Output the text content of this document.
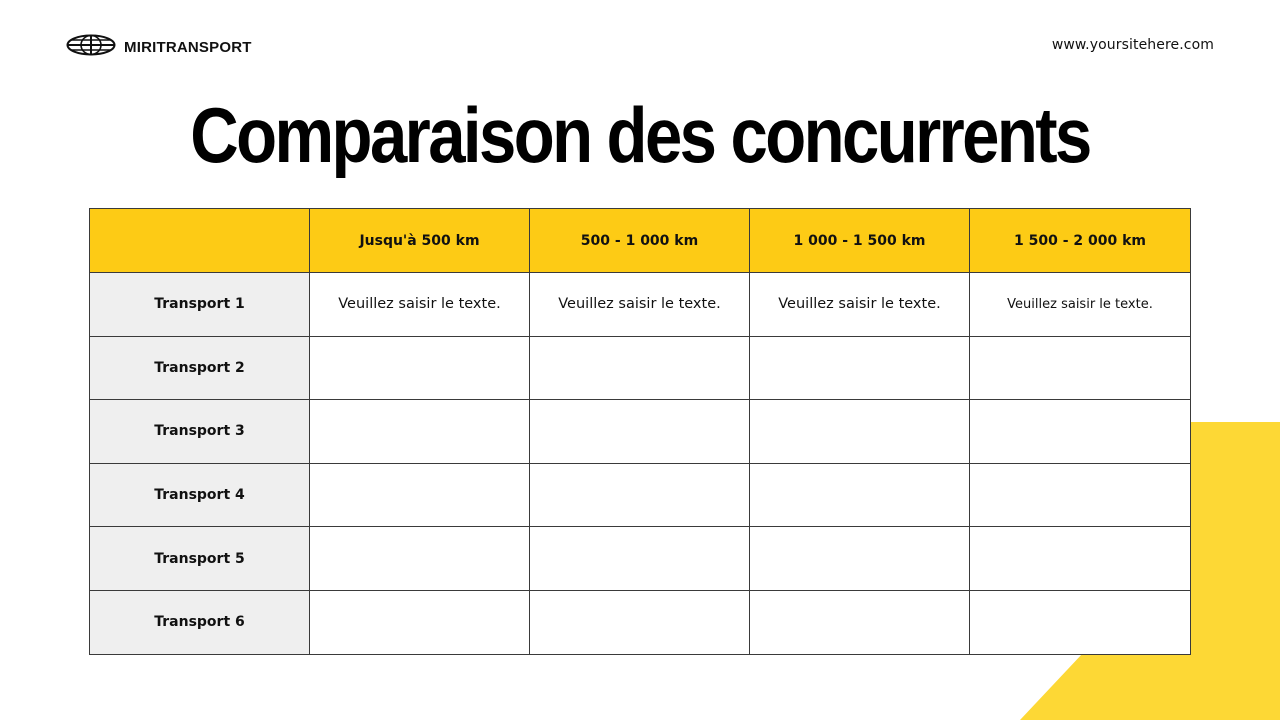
MIRITRANSPORT	www.yoursitehere.com
Comparaison des concurrents
	Jusqu'à 500 km	500 - 1 000 km	1 000 - 1 500 km	1 500 - 2 000 km
Transport 1	Veuillez saisir le texte.	Veuillez saisir le texte.	Veuillez saisir le texte.	Veuillez saisir le texte.
Transport 2				
Transport 3				
Transport 4				
Transport 5				
Transport 6				
